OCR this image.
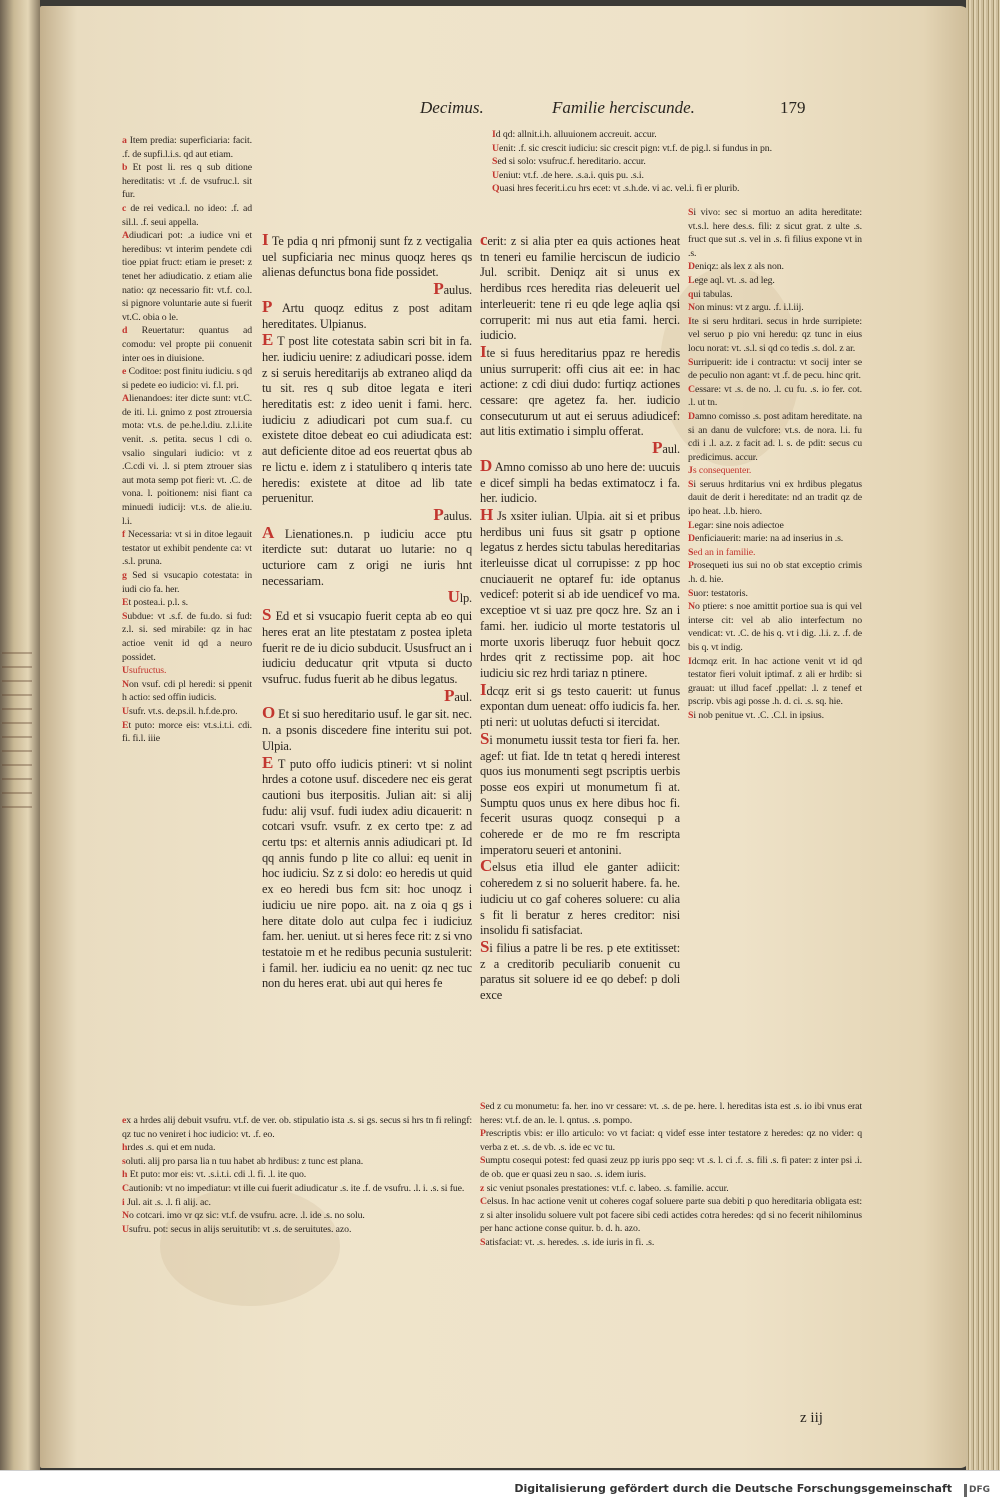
Decimus.	Familie herciscunde.	179

Id qd: allnit.i.h. alluuionem accreuit. accur.

Uenit: .f. sic crescit iudiciu: sic crescit pign: vt.f. de pig.l. si fundus in pn.

Sed si solo: vsufruc.f. hereditario. accur.

Ueniut: vt.f. .de here. .s.a.i. quis pu. .s.i.

Quasi hres fecerit.i.cu hrs ecet: vt .s.h.de. vi ac. vel.i. fi er plurib.

a Item predia: superficiaria: facit. .f. de supfi.l.i.s. qd aut etiam.

b Et post li. res q sub ditione hereditatis: vt .f. de vsufruc.l. sit fur.

c de rei vedica.l. no ideo: .f. ad sil.l. .f. seui appella.

Adiudicari pot: .a iudice vni et heredibus: vt interim pendete cdi tioe ppiat fruct: etiam ie preset: z tenet her adiudicatio. z etiam alie natio: qz necessario fit: vt.f. co.l. si pignore voluntarie aute si fuerit vt.C. obia o le.

d Reuertatur: quantus ad comodu: vel propte pii conuenit inter oes in diuisione.

e Coditoe: post finitu iudiciu. s qd si pedete eo iudicio: vi. f.l. pri.

Alienandoes: iter dicte sunt: vt.C. de iti. l.i. gnimo z post ztrouersia mota: vt.s. de pe.he.l.diu. z.l.i.ite venit. .s. petita. secus l cdi o. vsalio singulari iudicio: vt z .C.cdi vi. .l. si ptem ztrouer sias aut mota semp pot fieri: vt. .C. de vona. l. poitionem: nisi fiant ca minuedi iudicij: vt.s. de alie.iu. l.i.

f Necessaria: vt si in ditoe legauit testator ut exhibit pendente ca: vt .s.l. pruna.

g Sed si vsucapio cotestata: in iudi cio fa. her.

Et postea.i. p.l. s.

Subdue: vt .s.f. de fu.do. si fud: z.l. si. sed mirabile: qz in hac actioe venit id qd a neuro possidet.

Usufructus.

Non vsuf. cdi pl heredi: si ppenit h actio: sed offin iudicis.

Usufr. vt.s. de.ps.il. h.f.de.pro.

Et puto: morce eis: vt.s.i.t.i. cdi. fi. fi.l. iiie

I Te pdia q nri pfmonij sunt fz z vectigalia uel supficiaria nec minus quoqz heres qs alienas defunctus bona fide possidet.

Paulus.

P Artu quoqz editus z post aditam hereditates. Ulpianus.

E T post lite cotestata sabin scri bit in fa. her. iudiciu uenire: z adiudicari posse. idem z si seruis hereditarijs ab extraneo aliqd da tu sit. res q sub ditoe legata e iteri hereditatis est: z ideo uenit i fami. herc. iudiciu z adiudicari pot cum sua.f. cu existete ditoe debeat eo cui adiudicata est: aut deficiente ditoe ad eos reuertat qbus ab re lictu e. idem z i statulibero q interis tate heredis: existete at ditoe ad lib tate peruenitur.

Paulus.

A Lienationes.n. p iudiciu acce ptu iterdicte sut: dutarat uo lutarie: no q ucturiore cam z origi ne iuris hnt necessariam.

Ulp.

S Ed et si vsucapio fuerit cepta ab eo qui heres erat an lite ptestatam z postea ipleta fuerit re de iu dicio subducit. Ususfruct an i iudiciu deducatur qrit vtputa si ducto vsufruc. fudus fuerit ab he dibus legatus.

Paul.

O Et si suo hereditario usuf. le gar sit. nec. n. a psonis discedere fine interitu sui pot. Ulpia.

E T puto offo iudicis ptineri: vt si nolint hrdes a cotone usuf. discedere nec eis gerat cautioni bus iterpositis. Julian ait: si alij fudu: alij vsuf. fudi iudex adiu dicauerit: n cotcari vsufr. vsufr. z ex certo tpe: z ad certu tps: et alternis annis adiudicari pt. Id qq annis fundo p lite co allui: eq uenit in hoc iudiciu. Sz z si dolo: eo heredis ut quid ex eo heredi bus fcm sit: hoc unoqz i iudiciu ue nire popo. ait. na z oia q gs i here ditate dolo aut culpa fec i iudiciuz fam. her. ueniut. ut si heres fece rit: z si vno testatoie m et he redibus pecunia sustulerit: i famil. her. iudiciu ea no uenit: qz nec tuc non du heres erat. ubi aut qui heres fe

cerit: z si alia pter ea quis actiones heat tn teneri eu familie herciscun de iudicio Jul. scribit. Deniqz ait si unus ex herdibus rces heredita rias deleuerit uel interleuerit: tene ri eu qde lege aqlia qsi corruperit: mi nus aut etia fami. herci. iudicio.

Ite si fuus hereditarius ppaz re heredis unius surruperit: offi cius ait ee: in hac actione: z cdi diui dudo: furtiqz actiones cessare: qre agetez fa. her. iudicio consecuturum ut aut ei seruus adiudicef: aut litis extimatio i simplu offerat.

Paul.

D Amno comisso ab uno here de: uucuis e dicef simpli ha bedas extimatocz i fa. her. iudicio.

H Js xsiter iulian. Ulpia. ait si et pribus herdibus uni fuus sit gsatr p optione legatus z herdes sictu tabulas hereditarias iterleuisse dicat ul corrupisse: z pp hoc cnuciauerit ne optaref fu: ide optanus vedicef: poterit si ab ide uendicef vo ma. exceptioe vt si uaz pre qocz hre. Sz an i fami. her. iudicio ul morte testatoris ul morte uxoris liberuqz fuor hebuit qocz hrdes qrit z rectissime pop. ait hoc iudiciu sic rez hrdi tariaz n ptinere.

Idcqz erit si gs testo cauerit: ut funus expontan dum ueneat: offo iudicis fa. her. pti neri: ut uolutas defucti si itercidat.

Si monumetu iussit testa tor fieri fa. her. agef: ut fiat. Ide tn tetat q heredi interest quos ius monumenti segt pscriptis uerbis posse eos expiri ut monumetum fi at. Sumptu quos unus ex here dibus hoc fi. fecerit usuras quoqz consequi p a coherede er de mo re fm rescripta imperatoru seueri et antonini.

Celsus etia illud ele ganter adiicit: coheredem z si no soluerit habere. fa. he. iudiciu ut co gaf coheres soluere: cu alia s fit li beratur z heres creditor: nisi insolidu fi satisfaciat.

Si filius a patre li be res. p ete extitisset: z a creditorib peculiarib conuenit cu paratus sit soluere id ee qo debef: p doli exce

Si vivo: sec si mortuo an adita hereditate: vt.s.l. here des.s. fili: z sicut grat. z ulte .s. fruct que sut .s. vel in .s. fi filius expone vt in .s.

Deniqz: als lex z als non.

Lege aql. vt. .s. ad leg.

qui tabulas.

Non minus: vt z argu. .f. i.l.iij.

Ite si seru hrditari. secus in hrde surripiete: vel seruo p pio vni heredu: qz tunc in eius locu norat: vt. .s.l. si qd co tedis .s. dol. z ar.

Surripuerit: ide i contractu: vt socij inter se de peculio non agant: vt .f. de pecu. hinc qrit.

Cessare: vt .s. de no. .l. cu fu. .s. io fer. cot. .l. ut tn.

Damno comisso .s. post aditam hereditate. na si an danu de vulcfore: vt.s. de nora. l.i. fu cdi i .l. a.z. z facit ad. l. s. de pdit: secus cu predicimus. accur.

Js consequenter.

Si seruus hrditarius vni ex hrdibus plegatus dauit de derit i hereditate: nd an tradit qz de ipo heat. .l.b. hiero.

Legar: sine nois adiectoe

Denficiauerit: marie: na ad inserius in .s.

Sed an in familie.

Prosequeti ius sui no ob stat exceptio crimis .h. d. hie.

Suor: testatoris.

No ptiere: s noe amittit portioe sua is qui vel interse cit: vel ab alio interfectum no vendicat: vt. .C. de his q. vt i dig. .l.i. z. .f. de bis q. vt indig.

Idcmqz erit. In hac actione venit vt id qd testator fieri voluit iptimaf. z ali er hrdib: si grauat: ut illud facef .ppellat: .l. z tenef et pscrip. vbis agi posse .h. d. ci. .s. sq. hie.

Si nob penitue vt. .C. .C.l. in ipsius.

ex a hrdes alij debuit vsufru. vt.f. de ver. ob. stipulatio ista .s. si gs. secus si hrs tn fi relingf: qz tuc no veniret i hoc iudicio: vt. .f. eo.

hrdes .s. qui et em nuda.

soluti. alij pro parsa lia n tuu habet ab hrdibus: z tunc est plana.

h Et puto: mor eis: vt. .s.i.t.i. cdi .l. fi. .l. ite quo.

Cautionib: vt no impediatur: vt ille cui fuerit adiudicatur .s. ite .f. de vsufru. .l. i. .s. si fue.

i Jul. ait .s. .l. fi alij. ac.

No cotcari. imo vr qz sic: vt.f. de vsufru. acre. .l. ide .s. no solu.

Usufru. pot: secus in alijs seruitutib: vt .s. de seruitutes. azo.

Sed z cu monumetu: fa. her. ino vr cessare: vt. .s. de pe. here. l. hereditas ista est .s. io ibi vnus erat heres: vt.f. de an. le. l. qntus. .s. pompo.

Prescriptis vbis: er illo articulo: vo vt faciat: q videf esse inter testatore z heredes: qz no vider: q verba z et. .s. de vb. .s. ide ec vc tu.

Sumptu cosequi potest: fed quasi zeuz pp iuris ppo seq: vt .s. l. ci .f. .s. fili .s. fi pater: z inter psi .i. de ob. que er quasi zeu n sao. .s. idem iuris.

z sic veniut psonales prestationes: vt.f. c. labeo. .s. familie. accur.

Celsus. In hac actione venit ut coheres cogaf soluere parte sua debiti p quo hereditaria obligata est: z si alter insolidu soluere vult pot facere sibi cedi actides cotra heredes: qd si no fecerit nihilominus per hanc actione conse quitur. b. d. h. azo.

Satisfaciat: vt. .s. heredes. .s. ide iuris in fi. .s.

z iij
Digitalisierung gefördert durch die Deutsche Forschungsgemeinschaft DFG
